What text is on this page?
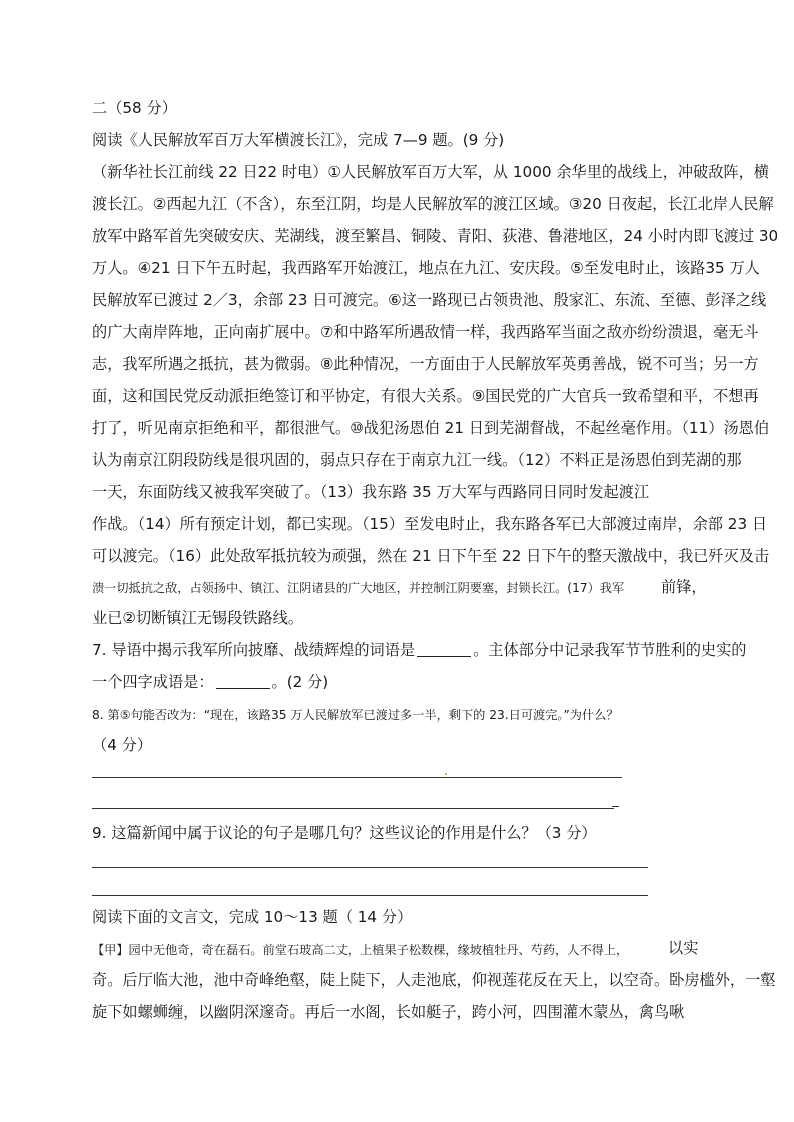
二（58 分）
阅读《人民解放军百万大军横渡长江》，完成 7—9 题。(9 分)
（新华社长江前线 22 日22 时电）①人民解放军百万大军，从 1000 余华里的战线上，冲破敌阵，横
渡长江。②西起九江（不含），东至江阴，均是人民解放军的渡江区域。③20 日夜起，长江北岸人民解
放军中路军首先突破安庆、芜湖线，渡至繁昌、铜陵、青阳、荻港、鲁港地区，24 小时内即飞渡过 30
万人。④21 日下午五时起，我西路军开始渡江，地点在九江、安庆段。⑤至发电时止，该路35 万人
民解放军已渡过 2／3，余部 23 日可渡完。⑥这一路现已占领贵池、殷家汇、东流、至德、彭泽之线
的广大南岸阵地，正向南扩展中。⑦和中路军所遇敌情一样，我西路军当面之敌亦纷纷溃退，毫无斗
志，我军所遇之抵抗，甚为微弱。⑧此种情况，一方面由于人民解放军英勇善战，锐不可当；另一方
面，这和国民党反动派拒绝签订和平协定，有很大关系。⑨国民党的广大官兵一致希望和平，不想再
打了，听见南京拒绝和平，都很泄气。⑩战犯汤恩伯 21 日到芜湖督战，不起丝毫作用。（11）汤恩伯
认为南京江阴段防线是很巩固的，弱点只存在于南京九江一线。（12）不料正是汤恩伯到芜湖的那
一天，东面防线又被我军突破了。（13）我东路 35 万大军与西路同日同时发起渡江
作战。（14）所有预定计划，都已实现。（15）至发电时止，我东路各军已大部渡过南岸，余部 23 日
可以渡完。（16）此处敌军抵抗较为顽强，然在 21 日下午至 22 日下午的整天激战中，我已歼灭及击
溃一切抵抗之敌，占领扬中、镇江、江阴诸县的广大地区，并控制江阴要塞，封锁长江。(17）我军 前锋，
业已②切断镇江无锡段铁路线。
7. 导语中揭示我军所向披靡、战绩辉煌的词语是	。主体部分中记录我军节节胜利的史实的
一个四字成语是：	。(2 分)
8. 第⑤句能否改为：“现在，该路35 万人民解放军已渡过多一半，剩下的 23.日可渡完。”为什么？
（4 分）
9. 这篇新闻中属于议论的句子是哪几句？这些议论的作用是什么？（3 分）
阅读下面的文言文，完成 10～13 题（ 14 分）
【甲】园中无他奇，奇在磊石。前堂石玻高二丈，上植果子松数棵，缘坡植牡丹、芍药，人不得上，	以实
奇。后厅临大池，池中奇峰绝壑，陡上陡下，人走池底，仰视莲花反在天上，以空奇。卧房槛外，一壑
旋下如螺蛳缠，以幽阴深邃奇。再后一水阁，长如艇子，跨小河，四围灌木蒙丛，禽鸟啾
